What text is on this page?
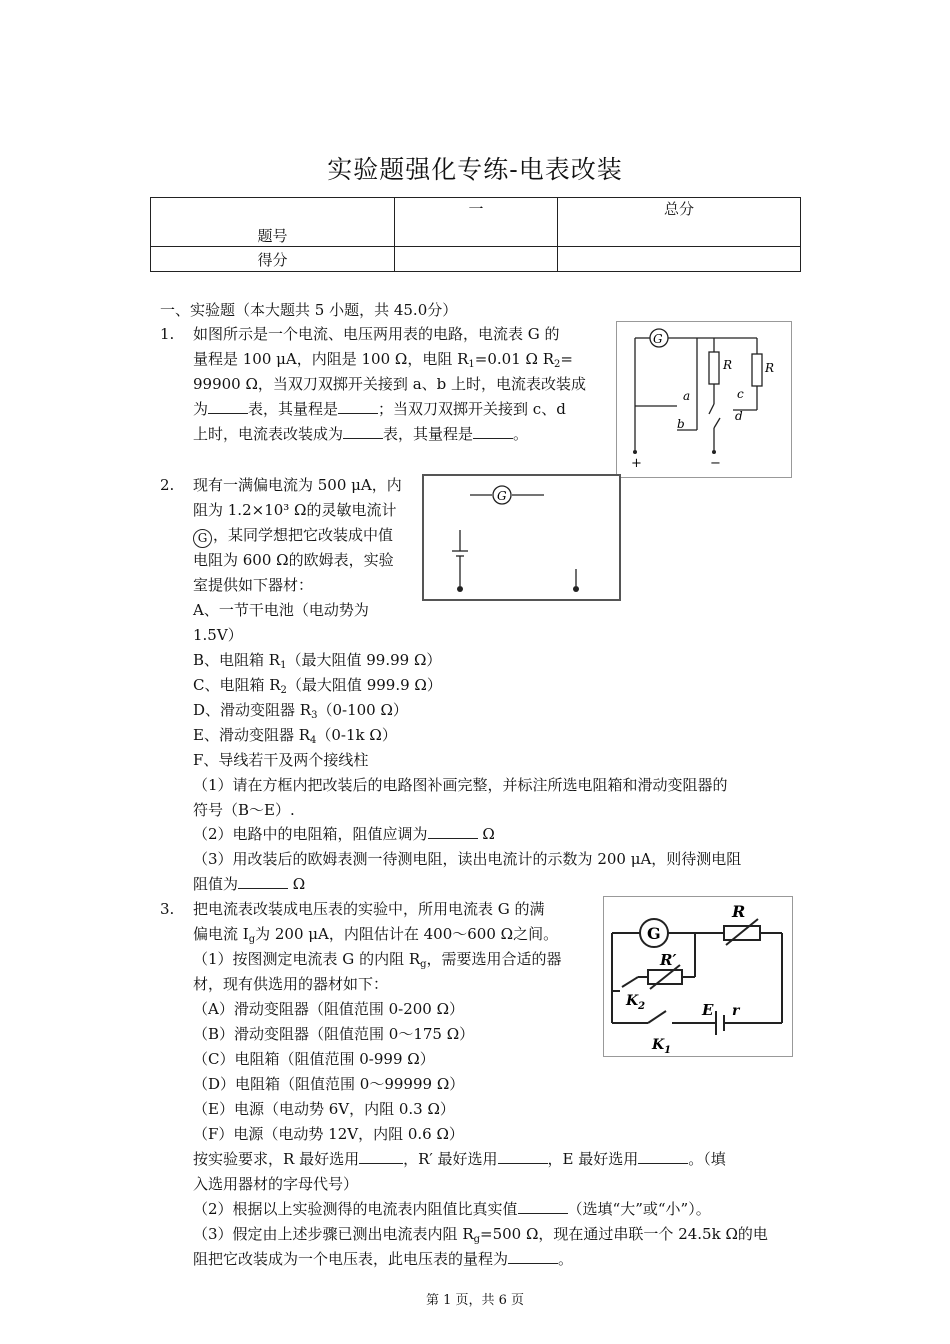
实验题强化专练-电表改装
题号	一	总分
得分		
一、实验题（本大题共 5 小题，共 45.0分）
1. 如图所示是一个电流、电压两用表的电路，电流表 G 的
量程是 100 μA，内阻是 100 Ω，电阻 $R_1=0.01$ Ω $R_2=$
99900 Ω，当双刀双掷开关接到 a、b 上时，电流表改装成
为	表，其量程是	；当双刀双掷开关接到 c、d
上时，电流表改装成为	表，其量程是	。
G
R	R
a
b
c
d
+	−
2. 现有一满偏电流为 500 μA，内
阻为 1.2×10³ Ω的灵敏电流计
G ，某同学想把它改装成中值
电阻为 600 Ω的欧姆表，实验
室提供如下器材：
G
A、一节干电池（电动势为
1.5V）
B、电阻箱 $R_1$（最大阻值 99.99 Ω）
C、电阻箱 $R_2$（最大阻值 999.9 Ω）
D、滑动变阻器 $R_3(0-100$ Ω）
E、滑动变阻器 $R_4(0-1k$ Ω）
F、导线若干及两个接线柱
（1）请在方框内把改装后的电路图补画完整，并标注所选电阻箱和滑动变阻器的
符号（B～E）.
（2）电路中的电阻箱，阻值应调为	Ω
（3）用改装后的欧姆表测一待测电阻，读出电流计的示数为 200 μA，则待测电阻
阻值为	Ω
3. 把电流表改装成电压表的实验中，所用电流表 G 的满
偏电流 $I_g$为 200 μA，内阻估计在 400～600 Ω之间。
（1）按图测定电流表 G 的内阻 $R_g$，需要选用合适的器
材，现有供选用的器材如下：
（A）滑动变阻器（阻值范围 0-200 Ω）
（B）滑动变阻器（阻值范围 0～175 Ω）
（C）电阻箱（阻值范围 0-999 Ω）
（D）电阻箱（阻值范围 0～99999 Ω）
（E）电源（电动势 6V，内阻 0.3 Ω）
（F）电源（电动势 12V，内阻 0.6 Ω）
按实验要求，R 最好选用	，R′ 最好选用	，E 最好选用	。（填
入选用器材的字母代号）
（2）根据以上实验测得的电流表内阻值比真实值	（选填“大”或“小”）。
（3）假定由上述步骤已测出电流表内阻 $R_g=500$ Ω，现在通过串联一个 24.5k Ω的电
阻把它改装成为一个电压表，此电压表的量程为	。
G
R
R′
$K_2$	E r
$K_1$
第 1 页，共 6 页
